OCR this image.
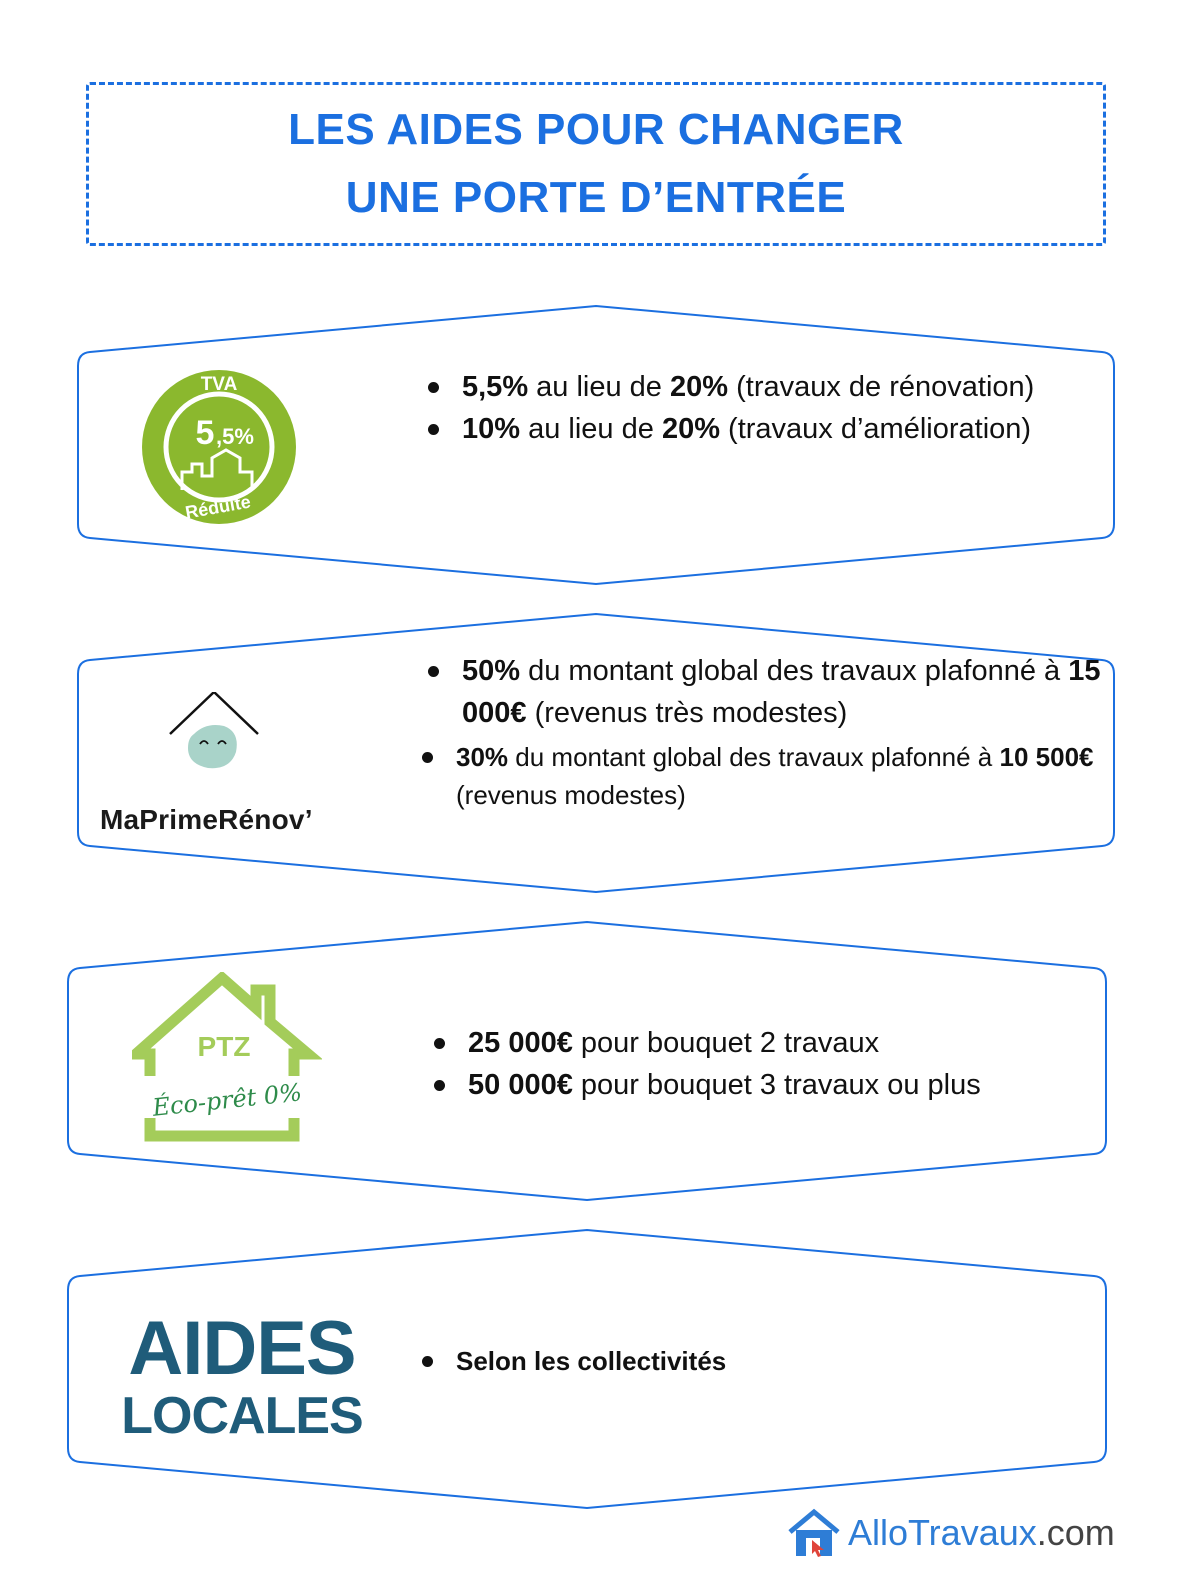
LES AIDES POUR CHANGER
UNE PORTE D’ENTRÉE
TVA
5 ,5%
Réduite
5,5% au lieu de 20% (travaux de rénovation)
10% au lieu de 20% (travaux d’amélioration)
MaPrimeRénov’
50% du montant global des travaux plafonné à 15 000€ (revenus très modestes)
30% du montant global des travaux plafonné à 10 500€ (revenus modestes)
PTZ
Éco-prêt 0%
25 000€ pour bouquet 2 travaux
50 000€ pour bouquet 3 travaux ou plus
AIDES
LOCALES
Selon les collectivités
AlloTravaux.com
